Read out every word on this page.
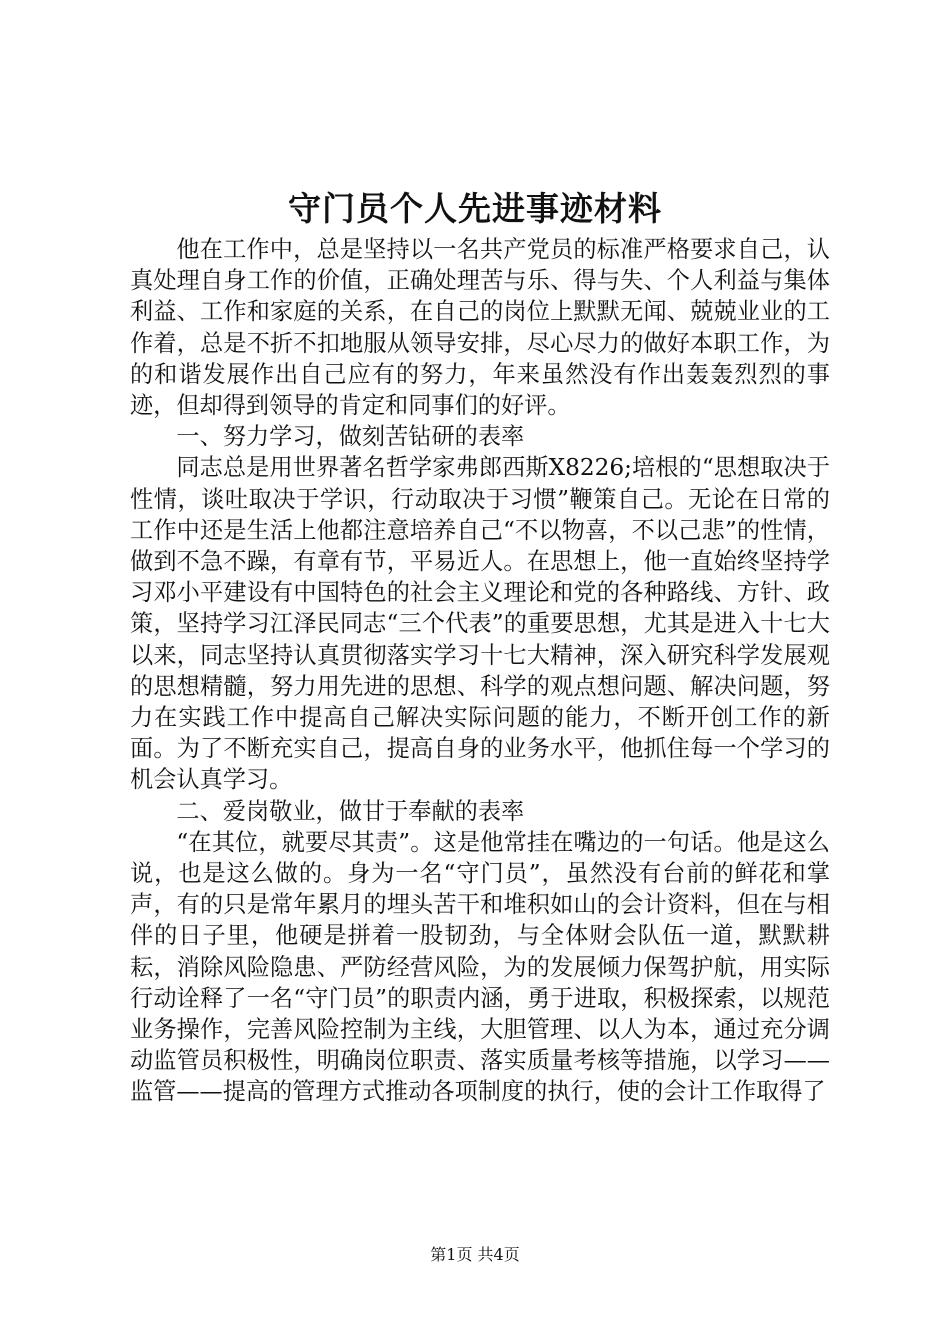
守门员个人先进事迹材料

他在工作中，总是坚持以一名共产党员的标准严格要求自己，认真处理自身工作的价值，正确处理苦与乐、得与失、个人利益与集体利益、工作和家庭的关系，在自己的岗位上默默无闻、兢兢业业的工作着，总是不折不扣地服从领导安排，尽心尽力的做好本职工作，为的和谐发展作出自己应有的努力，年来虽然没有作出轰轰烈烈的事迹，但却得到领导的肯定和同事们的好评。

一、努力学习，做刻苦钻研的表率

同志总是用世界著名哲学家弗郎西斯X8226;培根的“思想取决于性情，谈吐取决于学识，行动取决于习惯”鞭策自己。无论在日常的工作中还是生活上他都注意培养自己“不以物喜，不以己悲”的性情，做到不急不躁，有章有节，平易近人。在思想上，他一直始终坚持学习邓小平建设有中国特色的社会主义理论和党的各种路线、方针、政策，坚持学习江泽民同志“三个代表”的重要思想，尤其是进入十七大以来，同志坚持认真贯彻落实学习十七大精神，深入研究科学发展观的思想精髓，努力用先进的思想、科学的观点想问题、解决问题，努力在实践工作中提高自己解决实际问题的能力，不断开创工作的新面。为了不断充实自己，提高自身的业务水平，他抓住每一个学习的机会认真学习。

二、爱岗敬业，做甘于奉献的表率

“在其位，就要尽其责”。这是他常挂在嘴边的一句话。他是这么说，也是这么做的。身为一名“守门员”，虽然没有台前的鲜花和掌声，有的只是常年累月的埋头苦干和堆积如山的会计资料，但在与相伴的日子里，他硬是拼着一股韧劲，与全体财会队伍一道，默默耕耘，消除风险隐患、严防经营风险，为的发展倾力保驾护航，用实际行动诠释了一名“守门员”的职责内涵，勇于进取，积极探索，以规范业务操作，完善风险控制为主线，大胆管理、以人为本，通过充分调动监管员积极性，明确岗位职责、落实质量考核等措施，以学习——监管——提高的管理方式推动各项制度的执行，使的会计工作取得了

第1页 共4页
